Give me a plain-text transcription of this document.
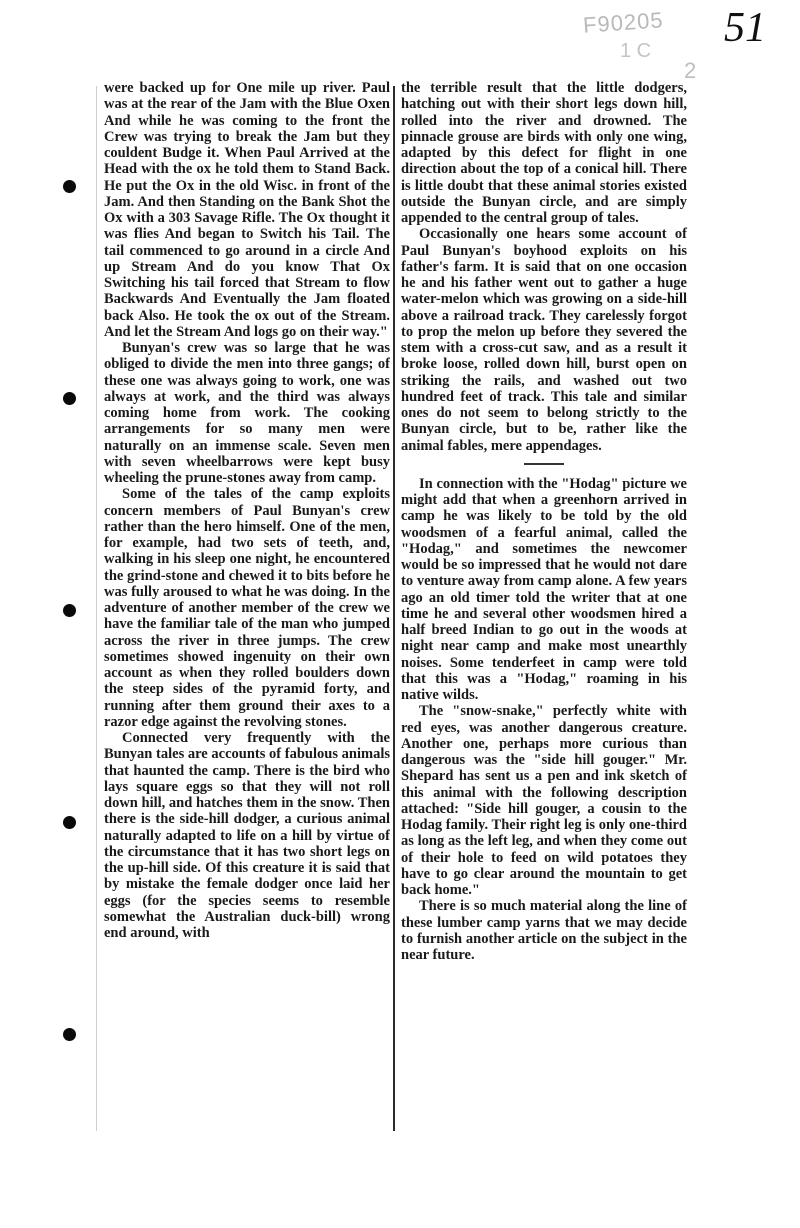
F90205
1 C
2
51

were backed up for One mile up river. Paul was at the rear of the Jam with the Blue Oxen And while he was coming to the front the Crew was trying to break the Jam but they couldent Budge it. When Paul Arrived at the Head with the ox he told them to Stand Back. He put the Ox in the old Wisc. in front of the Jam. And then Standing on the Bank Shot the Ox with a 303 Savage Rifle. The Ox thought it was flies And began to Switch his Tail. The tail commenced to go around in a circle And up Stream And do you know That Ox Switching his tail forced that Stream to flow Backwards And Eventually the Jam floated back Also. He took the ox out of the Stream. And let the Stream And logs go on their way."

Bunyan's crew was so large that he was obliged to divide the men into three gangs; of these one was always going to work, one was always at work, and the third was always coming home from work. The cooking arrangements for so many men were naturally on an immense scale. Seven men with seven wheelbarrows were kept busy wheeling the prune-stones away from camp.

Some of the tales of the camp exploits concern members of Paul Bunyan's crew rather than the hero himself. One of the men, for example, had two sets of teeth, and, walking in his sleep one night, he encountered the grind-stone and chewed it to bits before he was fully aroused to what he was doing. In the adventure of another member of the crew we have the familiar tale of the man who jumped across the river in three jumps. The crew sometimes showed ingenuity on their own account as when they rolled boulders down the steep sides of the pyramid forty, and running after them ground their axes to a razor edge against the revolving stones.

Connected very frequently with the Bunyan tales are accounts of fabulous animals that haunted the camp. There is the bird who lays square eggs so that they will not roll down hill, and hatches them in the snow. Then there is the side-hill dodger, a curious animal naturally adapted to life on a hill by virtue of the circumstance that it has two short legs on the up-hill side. Of this creature it is said that by mistake the female dodger once laid her eggs (for the species seems to resemble somewhat the Australian duck-bill) wrong end around, with

the terrible result that the little dodgers, hatching out with their short legs down hill, rolled into the river and drowned. The pinnacle grouse are birds with only one wing, adapted by this defect for flight in one direction about the top of a conical hill. There is little doubt that these animal stories existed outside the Bunyan circle, and are simply appended to the central group of tales.

Occasionally one hears some account of Paul Bunyan's boyhood exploits on his father's farm. It is said that on one occasion he and his father went out to gather a huge water-melon which was growing on a side-hill above a railroad track. They carelessly forgot to prop the melon up before they severed the stem with a cross-cut saw, and as a result it broke loose, rolled down hill, burst open on striking the rails, and washed out two hundred feet of track. This tale and similar ones do not seem to belong strictly to the Bunyan circle, but to be, rather like the animal fables, mere appendages.

In connection with the "Hodag" picture we might add that when a greenhorn arrived in camp he was likely to be told by the old woodsmen of a fearful animal, called the "Hodag," and sometimes the newcomer would be so impressed that he would not dare to venture away from camp alone. A few years ago an old timer told the writer that at one time he and several other woodsmen hired a half breed Indian to go out in the woods at night near camp and make most unearthly noises. Some tenderfeet in camp were told that this was a "Hodag," roaming in his native wilds.

The "snow-snake," perfectly white with red eyes, was another dangerous creature. Another one, perhaps more curious than dangerous was the "side hill gouger." Mr. Shepard has sent us a pen and ink sketch of this animal with the following description attached: "Side hill gouger, a cousin to the Hodag family. Their right leg is only one-third as long as the left leg, and when they come out of their hole to feed on wild potatoes they have to go clear around the mountain to get back home."

There is so much material along the line of these lumber camp yarns that we may decide to furnish another article on the subject in the near future.
